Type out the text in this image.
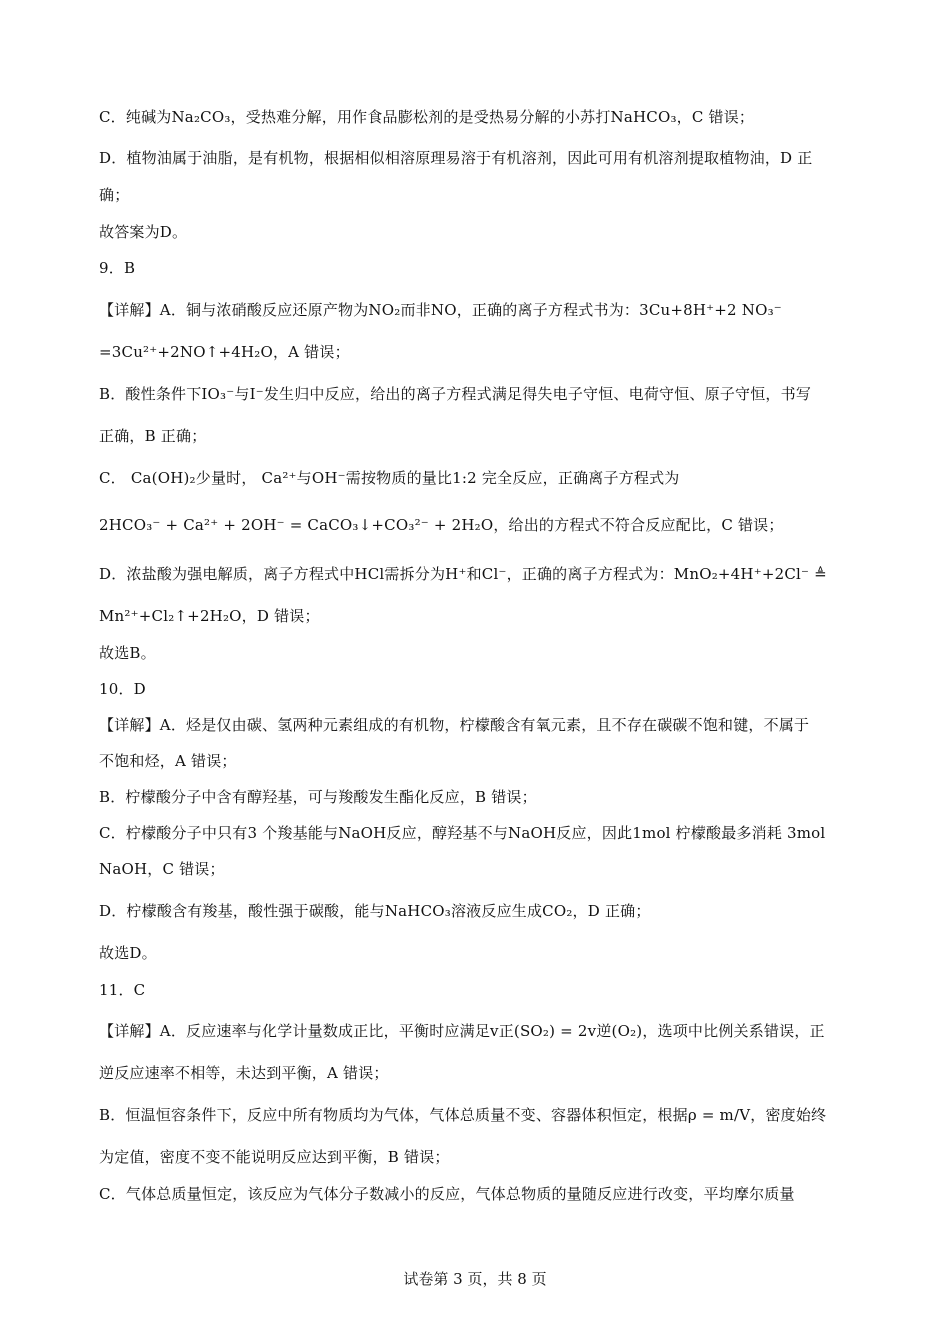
C．纯碱为Na₂CO₃，受热难分解，用作食品膨松剂的是受热易分解的小苏打NaHCO₃，C 错误；
D．植物油属于油脂，是有机物，根据相似相溶原理易溶于有机溶剂，因此可用有机溶剂提取植物油，D 正
确；
故答案为D。
9．B
【详解】A．铜与浓硝酸反应还原产物为NO₂而非NO，正确的离子方程式书为：3Cu+8H⁺+2 NO₃⁻
=3Cu²⁺+2NO↑+4H₂O，A 错误；
B．酸性条件下IO₃⁻与I⁻发生归中反应，给出的离子方程式满足得失电子守恒、电荷守恒、原子守恒，书写
正确，B 正确；
C． Ca(OH)₂少量时， Ca²⁺与OH⁻需按物质的量比1:2 完全反应，正确离子方程式为
2HCO₃⁻ + Ca²⁺ + 2OH⁻ = CaCO₃↓+CO₃²⁻ + 2H₂O，给出的方程式不符合反应配比，C 错误；
D．浓盐酸为强电解质，离子方程式中HCl需拆分为H⁺和Cl⁻，正确的离子方程式为：MnO₂+4H⁺+2Cl⁻ ≜
Mn²⁺+Cl₂↑+2H₂O，D 错误；
故选B。
10．D
【详解】A．烃是仅由碳、氢两种元素组成的有机物，柠檬酸含有氧元素，且不存在碳碳不饱和键，不属于
不饱和烃，A 错误；
B．柠檬酸分子中含有醇羟基，可与羧酸发生酯化反应，B 错误；
C．柠檬酸分子中只有3 个羧基能与NaOH反应，醇羟基不与NaOH反应，因此1mol 柠檬酸最多消耗 3mol
NaOH，C 错误；
D．柠檬酸含有羧基，酸性强于碳酸，能与NaHCO₃溶液反应生成CO₂，D 正确；
故选D。
11．C
【详解】A．反应速率与化学计量数成正比，平衡时应满足v正(SO₂) = 2v逆(O₂)，选项中比例关系错误，正
逆反应速率不相等，未达到平衡，A 错误；
B．恒温恒容条件下，反应中所有物质均为气体，气体总质量不变、容器体积恒定，根据ρ = m/V，密度始终
为定值，密度不变不能说明反应达到平衡，B 错误；
C．气体总质量恒定，该反应为气体分子数减小的反应，气体总物质的量随反应进行改变，平均摩尔质量
试卷第 3 页，共 8 页
